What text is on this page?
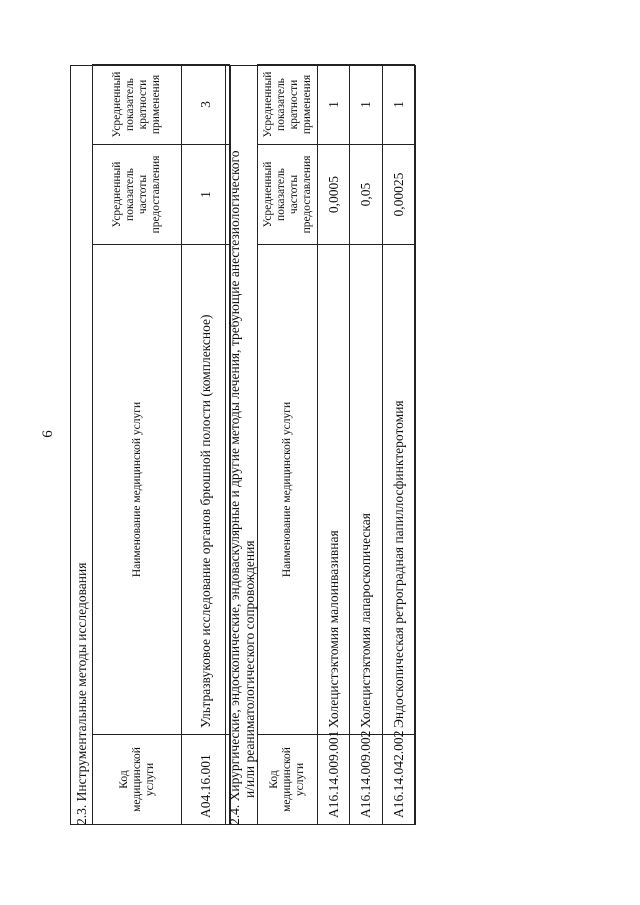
6
2.3. Инструментальные методы исследования Код медицинской услуги	Наименование медицинской услуги	Усредненный показатель частоты предоставления	Усредненный показатель кратности применения
A04.16.001	Ультразвуковое исследование органов брюшной полости (комплексное)	1	3
2.4. Хирургические, эндоскопические, эндоваскулярные и другие методы лечения, требующие анестезиологического и/или реаниматологического сопровождения Код медицинской услуги	Наименование медицинской услуги	Усредненный показатель частоты предоставления	Усредненный показатель кратности применения
A16.14.009.001	Холецистэктомия малоинвазивная	0,0005	1
A16.14.009.002	Холецистэктомия лапароскопическая	0,05	1
A16.14.042.002	Эндоскопическая ретроградная папиллосфинктеротомия	0,00025	1
